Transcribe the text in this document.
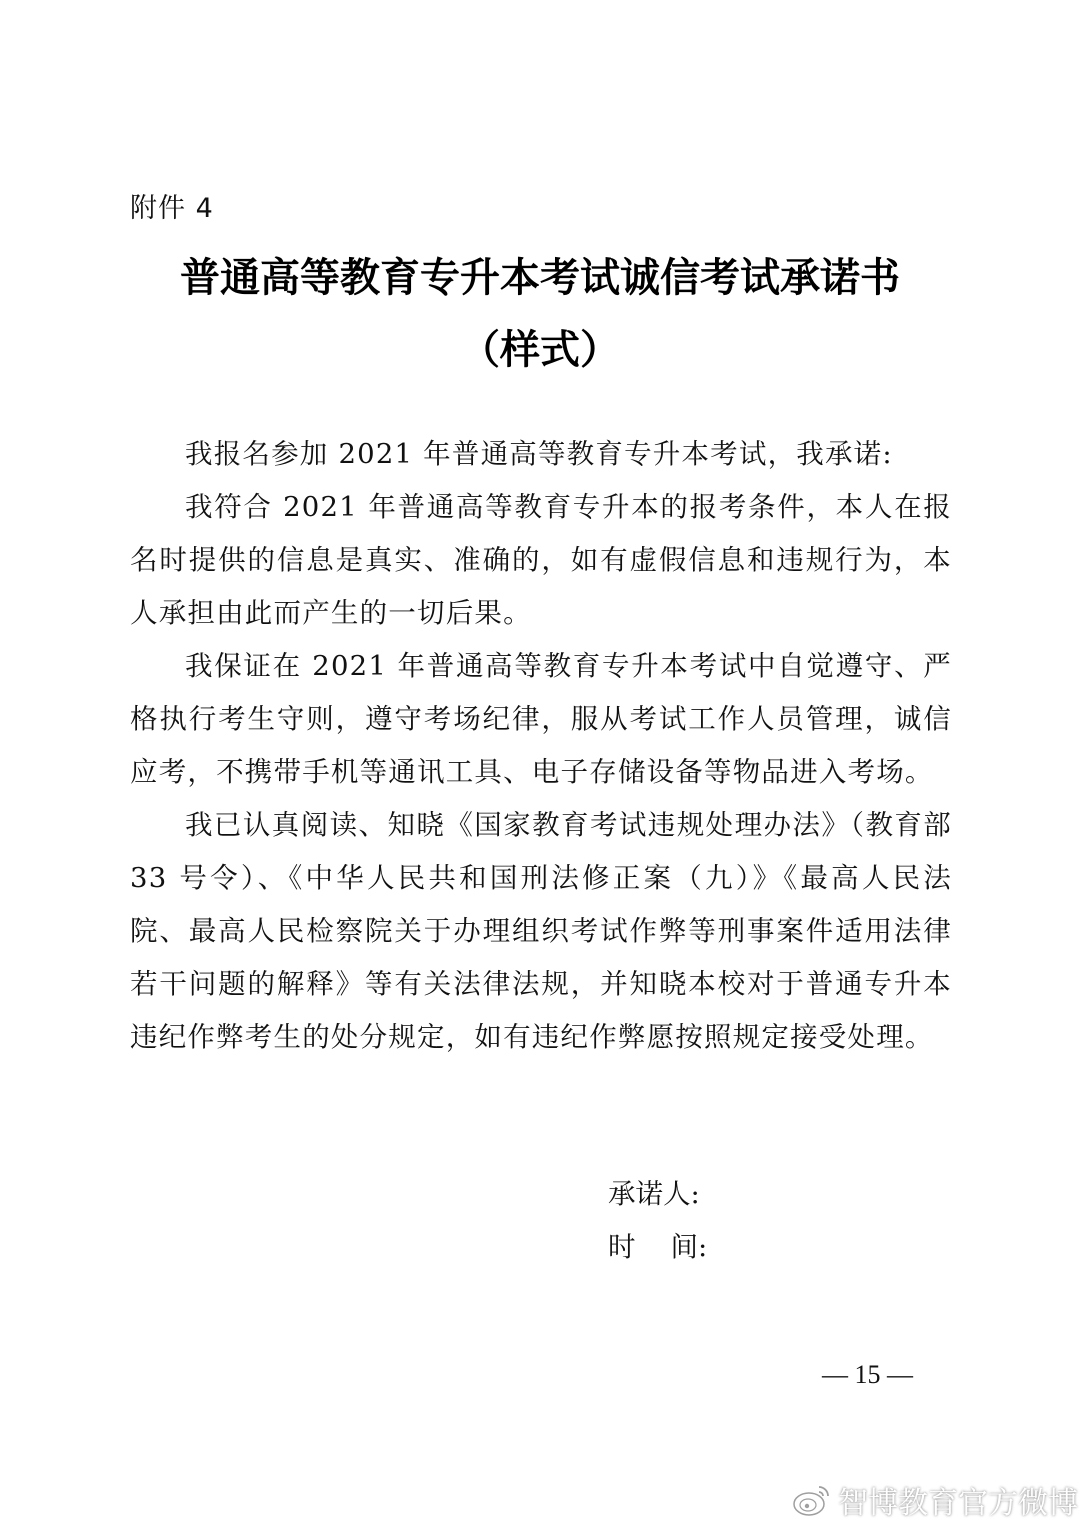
附件 4
普通高等教育专升本考试诚信考试承诺书
（样式）

我报名参加 2021 年普通高等教育专升本考试，我承诺:

我符合 2021 年普通高等教育专升本的报考条件，本人在报名时提供的信息是真实、准确的，如有虚假信息和违规行为，本人承担由此而产生的一切后果。

我保证在 2021 年普通高等教育专升本考试中自觉遵守、严格执行考生守则，遵守考场纪律，服从考试工作人员管理，诚信应考，不携带手机等通讯工具、电子存储设备等物品进入考场。

我已认真阅读、知晓《国家教育考试违规处理办法》（教育部 33 号令）、《中华人民共和国刑法修正案（九）》《最高人民法院、最高人民检察院关于办理组织考试作弊等刑事案件适用法律若干问题的解释》等有关法律法规，并知晓本校对于普通专升本违纪作弊考生的处分规定，如有违纪作弊愿按照规定接受处理。

承诺人:
时    间:
— 15 —
智博教育官方微博
